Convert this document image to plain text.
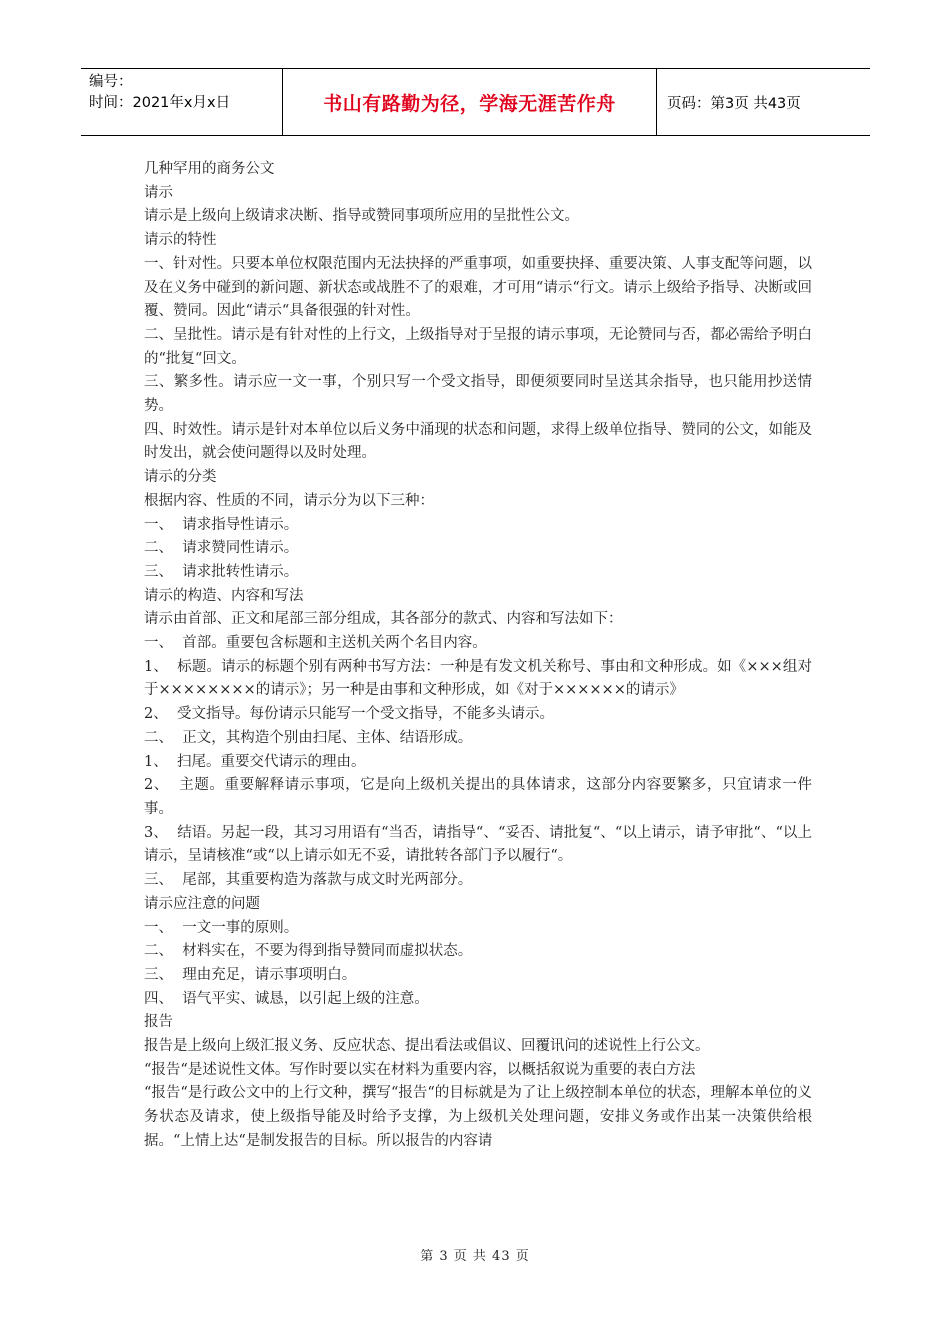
编号：
时间：2021年x月x日	书山有路勤为径，学海无涯苦作舟	页码：第3页 共43页

几种罕用的商务公文

请示

请示是上级向上级请求决断、指导或赞同事项所应用的呈批性公文。

请示的特性

一、针对性。只要本单位权限范围内无法抉择的严重事项，如重要抉择、重要决策、人事支配等问题，以及在义务中碰到的新问题、新状态或战胜不了的艰难，才可用“请示“行文。请示上级给予指导、决断或回覆、赞同。因此“请示“具备很强的针对性。

二、呈批性。请示是有针对性的上行文，上级指导对于呈报的请示事项，无论赞同与否，都必需给予明白的“批复“回文。

三、繁多性。请示应一文一事，个别只写一个受文指导，即便须要同时呈送其余指导，也只能用抄送情势。

四、时效性。请示是针对本单位以后义务中涌现的状态和问题，求得上级单位指导、赞同的公文，如能及时发出，就会使问题得以及时处理。

请示的分类

根据内容、性质的不同，请示分为以下三种：

一、  请求指导性请示。

二、  请求赞同性请示。

三、  请求批转性请示。

请示的构造、内容和写法

请示由首部、正文和尾部三部分组成，其各部分的款式、内容和写法如下：

一、  首部。重要包含标题和主送机关两个名目内容。

1、  标题。请示的标题个别有两种书写方法：一种是有发文机关称号、事由和文种形成。如《×××组对于××××××××的请示》；另一种是由事和文种形成，如《对于××××××的请示》

2、  受文指导。每份请示只能写一个受文指导，不能多头请示。

二、  正文，其构造个别由扫尾、主体、结语形成。

1、  扫尾。重要交代请示的理由。

2、  主题。重要解释请示事项，它是向上级机关提出的具体请求，这部分内容要繁多，只宜请求一件事。

3、  结语。另起一段，其习习用语有“当否，请指导“、“妥否、请批复“、“以上请示，请予审批“、“以上请示，呈请核准“或“以上请示如无不妥，请批转各部门予以履行“。

三、  尾部，其重要构造为落款与成文时光两部分。

请示应注意的问题

一、  一文一事的原则。

二、  材料实在，不要为得到指导赞同而虚拟状态。

三、  理由充足，请示事项明白。

四、  语气平实、诚恳，以引起上级的注意。

报告

报告是上级向上级汇报义务、反应状态、提出看法或倡议、回覆讯问的述说性上行公文。

“报告“是述说性文体。写作时要以实在材料为重要内容，以概括叙说为重要的表白方法

“报告“是行政公文中的上行文种，撰写“报告“的目标就是为了让上级控制本单位的状态，理解本单位的义务状态及请求，使上级指导能及时给予支撑，为上级机关处理问题，安排义务或作出某一决策供给根据。“上情上达“是制发报告的目标。所以报告的内容请

第 3 页 共 43 页
